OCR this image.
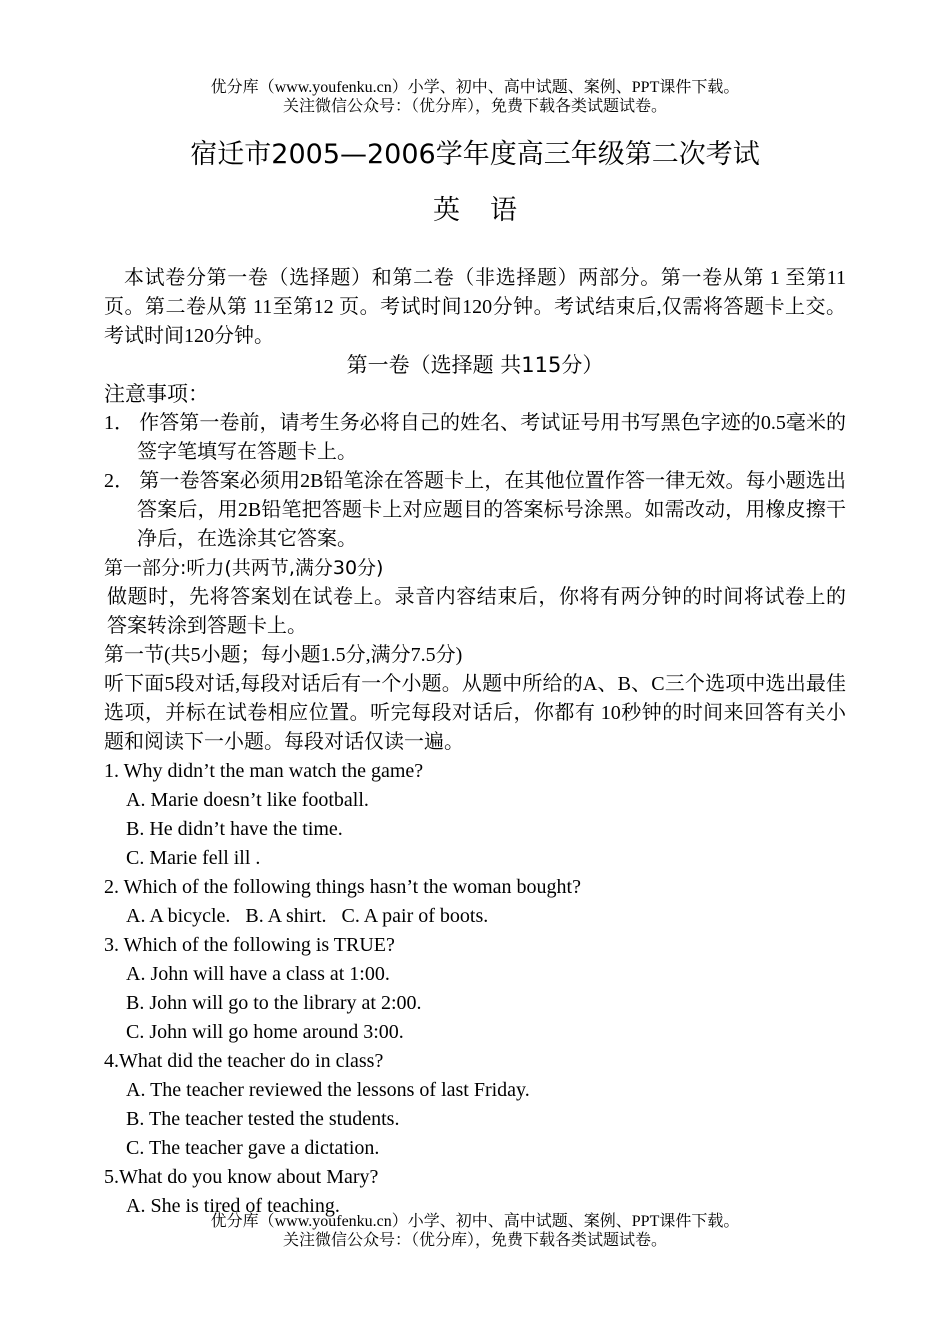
优分库（www.youfenku.cn）小学、初中、高中试题、案例、PPT课件下载。
关注微信公众号：（优分库），免费下载各类试题试卷。
宿迁市2005—2006学年度高三年级第二次考试
英语
本试卷分第一卷（选择题）和第二卷（非选择题）两部分。第一卷从第 1 至第11 页。第二卷从第 11至第12 页。考试时间120分钟。考试结束后,仅需将答题卡上交。考试时间120分钟。
第一卷（选择题 共115分）
注意事项：
1． 作答第一卷前，请考生务必将自己的姓名、考试证号用书写黑色字迹的0.5毫米的签字笔填写在答题卡上。
2． 第一卷答案必须用2B铅笔涂在答题卡上，在其他位置作答一律无效。每小题选出答案后，用2B铅笔把答题卡上对应题目的答案标号涂黑。如需改动，用橡皮擦干净后，在选涂其它答案。
第一部分:听力(共两节,满分30分)
做题时，先将答案划在试卷上。录音内容结束后，你将有两分钟的时间将试卷上的答案转涂到答题卡上。
第一节(共5小题；每小题1.5分,满分7.5分)
听下面5段对话,每段对话后有一个小题。从题中所给的A、B、C三个选项中选出最佳选项，并标在试卷相应位置。听完每段对话后，你都有 10秒钟的时间来回答有关小题和阅读下一小题。每段对话仅读一遍。
1. Why didn’t the man watch the game?
A. Marie doesn’t like football.
B. He didn’t have the time.
C. Marie fell ill .
2. Which of the following things hasn’t the woman bought?
A. A bicycle.   B. A shirt.   C. A pair of boots.
3. Which of the following is TRUE?
A. John will have a class at 1:00.
B. John will go to the library at 2:00.
C. John will go home around 3:00.
4.What did the teacher do in class?
A. The teacher reviewed the lessons of last Friday.
B. The teacher tested the students.
C. The teacher gave a dictation.
5.What do you know about Mary?
A. She is tired of teaching.
优分库（www.youfenku.cn）小学、初中、高中试题、案例、PPT课件下载。
关注微信公众号：（优分库），免费下载各类试题试卷。
